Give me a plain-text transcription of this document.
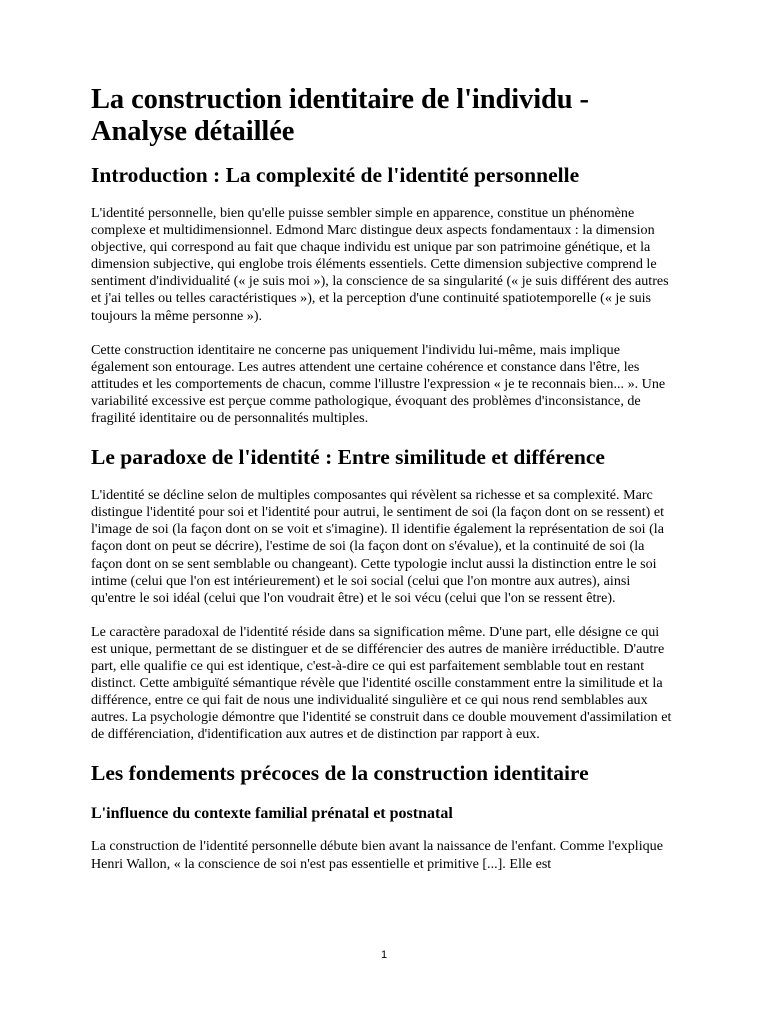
La construction identitaire de l'individu - Analyse détaillée
Introduction : La complexité de l'identité personnelle

L'identité personnelle, bien qu'elle puisse sembler simple en apparence, constitue un phénomène complexe et multidimensionnel. Edmond Marc distingue deux aspects fondamentaux : la dimension objective, qui correspond au fait que chaque individu est unique par son patrimoine génétique, et la dimension subjective, qui englobe trois éléments essentiels. Cette dimension subjective comprend le sentiment d'individualité (« je suis moi »), la conscience de sa singularité (« je suis différent des autres et j'ai telles ou telles caractéristiques »), et la perception d'une continuité spatiotemporelle (« je suis toujours la même personne »).

Cette construction identitaire ne concerne pas uniquement l'individu lui-même, mais implique également son entourage. Les autres attendent une certaine cohérence et constance dans l'être, les attitudes et les comportements de chacun, comme l'illustre l'expression « je te reconnais bien... ». Une variabilité excessive est perçue comme pathologique, évoquant des problèmes d'inconsistance, de fragilité identitaire ou de personnalités multiples.

Le paradoxe de l'identité : Entre similitude et différence

L'identité se décline selon de multiples composantes qui révèlent sa richesse et sa complexité. Marc distingue l'identité pour soi et l'identité pour autrui, le sentiment de soi (la façon dont on se ressent) et l'image de soi (la façon dont on se voit et s'imagine). Il identifie également la représentation de soi (la façon dont on peut se décrire), l'estime de soi (la façon dont on s'évalue), et la continuité de soi (la façon dont on se sent semblable ou changeant). Cette typologie inclut aussi la distinction entre le soi intime (celui que l'on est intérieurement) et le soi social (celui que l'on montre aux autres), ainsi qu'entre le soi idéal (celui que l'on voudrait être) et le soi vécu (celui que l'on se ressent être).

Le caractère paradoxal de l'identité réside dans sa signification même. D'une part, elle désigne ce qui est unique, permettant de se distinguer et de se différencier des autres de manière irréductible. D'autre part, elle qualifie ce qui est identique, c'est-à-dire ce qui est parfaitement semblable tout en restant distinct. Cette ambiguïté sémantique révèle que l'identité oscille constamment entre la similitude et la différence, entre ce qui fait de nous une individualité singulière et ce qui nous rend semblables aux autres. La psychologie démontre que l'identité se construit dans ce double mouvement d'assimilation et de différenciation, d'identification aux autres et de distinction par rapport à eux.

Les fondements précoces de la construction identitaire
L'influence du contexte familial prénatal et postnatal

La construction de l'identité personnelle débute bien avant la naissance de l'enfant. Comme l'explique Henri Wallon, « la conscience de soi n'est pas essentielle et primitive [...]. Elle est

1
